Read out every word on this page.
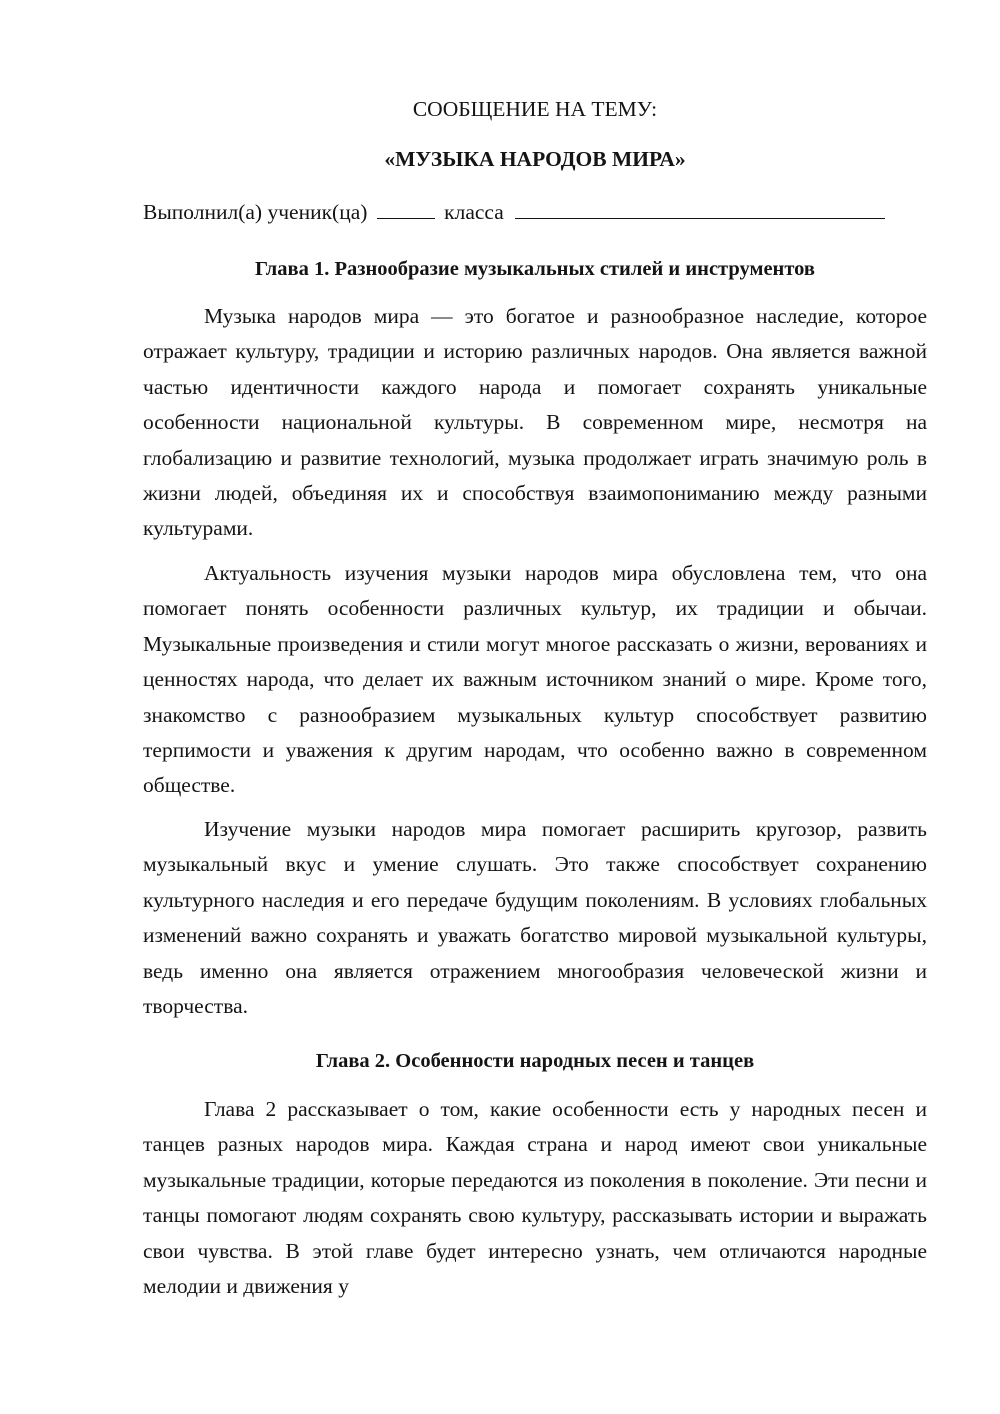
СООБЩЕНИЕ НА ТЕМУ:
«МУЗЫКА НАРОДОВ МИРА»
Выполнил(а) ученик(ца)	класса
Глава 1. Разнообразие музыкальных стилей и инструментов

Музыка народов мира — это богатое и разнообразное наследие, которое отражает культуру, традиции и историю различных народов. Она является важной частью идентичности каждого народа и помогает сохранять уникальные особенности национальной культуры. В современном мире, несмотря на глобализацию и развитие технологий, музыка продолжает играть значимую роль в жизни людей, объединяя их и способствуя взаимопониманию между разными культурами.

Актуальность изучения музыки народов мира обусловлена тем, что она помогает понять особенности различных культур, их традиции и обычаи. Музыкальные произведения и стили могут многое рассказать о жизни, верованиях и ценностях народа, что делает их важным источником знаний о мире. Кроме того, знакомство с разнообразием музыкальных культур способствует развитию терпимости и уважения к другим народам, что особенно важно в современном обществе.

Изучение музыки народов мира помогает расширить кругозор, развить музыкальный вкус и умение слушать. Это также способствует сохранению культурного наследия и его передаче будущим поколениям. В условиях глобальных изменений важно сохранять и уважать богатство мировой музыкальной культуры, ведь именно она является отражением многообразия человеческой жизни и творчества.

Глава 2. Особенности народных песен и танцев

Глава 2 рассказывает о том, какие особенности есть у народных песен и танцев разных народов мира. Каждая страна и народ имеют свои уникальные музыкальные традиции, которые передаются из поколения в поколение. Эти песни и танцы помогают людям сохранять свою культуру, рассказывать истории и выражать свои чувства. В этой главе будет интересно узнать, чем отличаются народные мелодии и движения у
